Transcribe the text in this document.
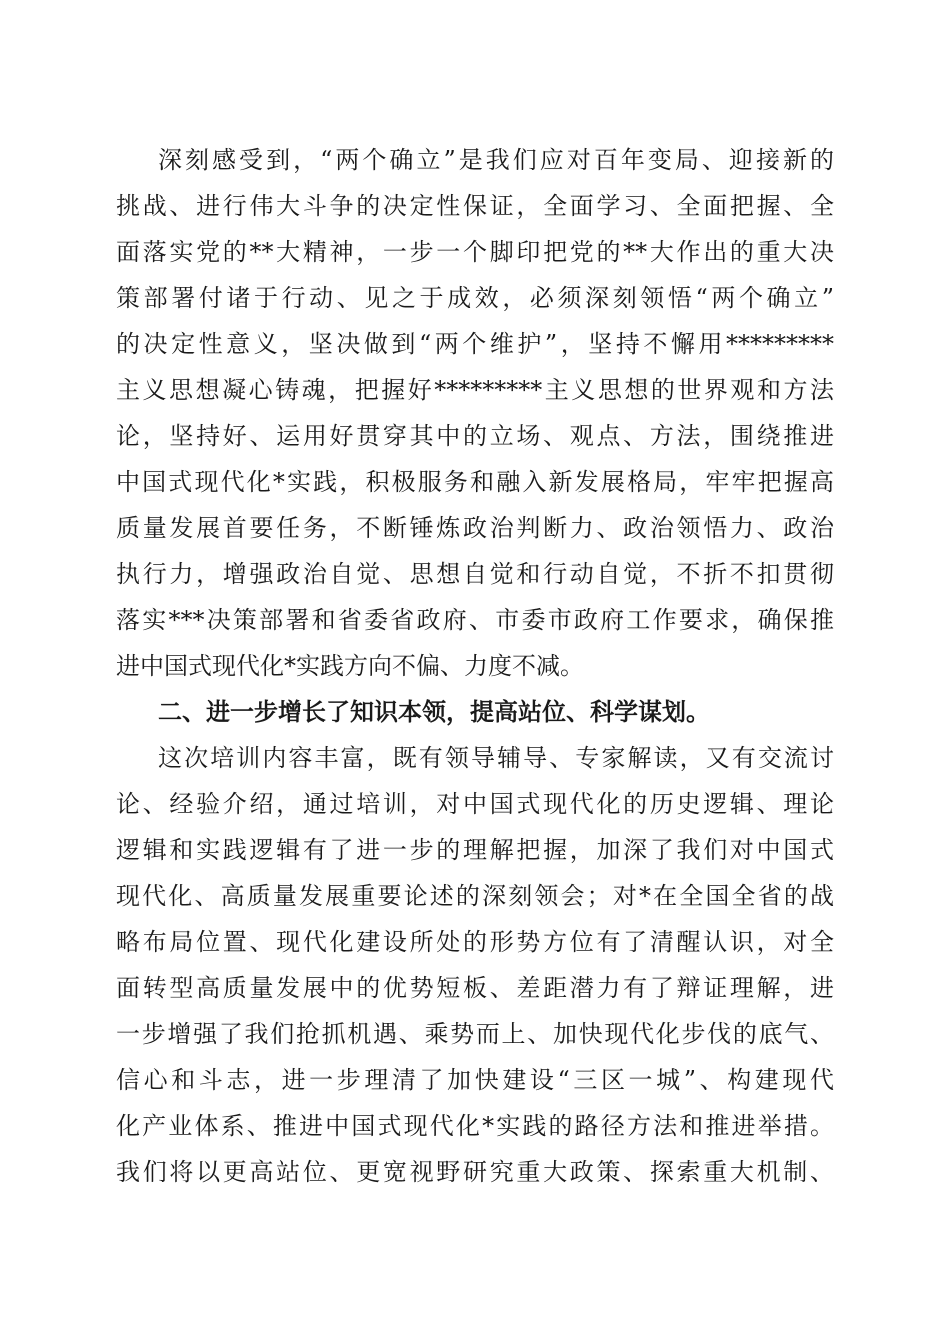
深刻感受到，“两个确立”是我们应对百年变局、迎接新的
挑战、进行伟大斗争的决定性保证，全面学习、全面把握、全
面落实党的**大精神，一步一个脚印把党的**大作出的重大决
策部署付诸于行动、见之于成效，必须深刻领悟“两个确立”
的决定性意义，坚决做到“两个维护”，坚持不懈用*********
主义思想凝心铸魂，把握好*********主义思想的世界观和方法
论，坚持好、运用好贯穿其中的立场、观点、方法，围绕推进
中国式现代化*实践，积极服务和融入新发展格局，牢牢把握高
质量发展首要任务，不断锤炼政治判断力、政治领悟力、政治
执行力，增强政治自觉、思想自觉和行动自觉，不折不扣贯彻
落实***决策部署和省委省政府、市委市政府工作要求，确保推
进中国式现代化*实践方向不偏、力度不减。
二、进一步增长了知识本领，提高站位、科学谋划。
这次培训内容丰富，既有领导辅导、专家解读，又有交流讨
论、经验介绍，通过培训，对中国式现代化的历史逻辑、理论
逻辑和实践逻辑有了进一步的理解把握，加深了我们对中国式
现代化、高质量发展重要论述的深刻领会；对*在全国全省的战
略布局位置、现代化建设所处的形势方位有了清醒认识，对全
面转型高质量发展中的优势短板、差距潜力有了辩证理解，进
一步增强了我们抢抓机遇、乘势而上、加快现代化步伐的底气、
信心和斗志，进一步理清了加快建设“三区一城”、构建现代
化产业体系、推进中国式现代化*实践的路径方法和推进举措。
我们将以更高站位、更宽视野研究重大政策、探索重大机制、
